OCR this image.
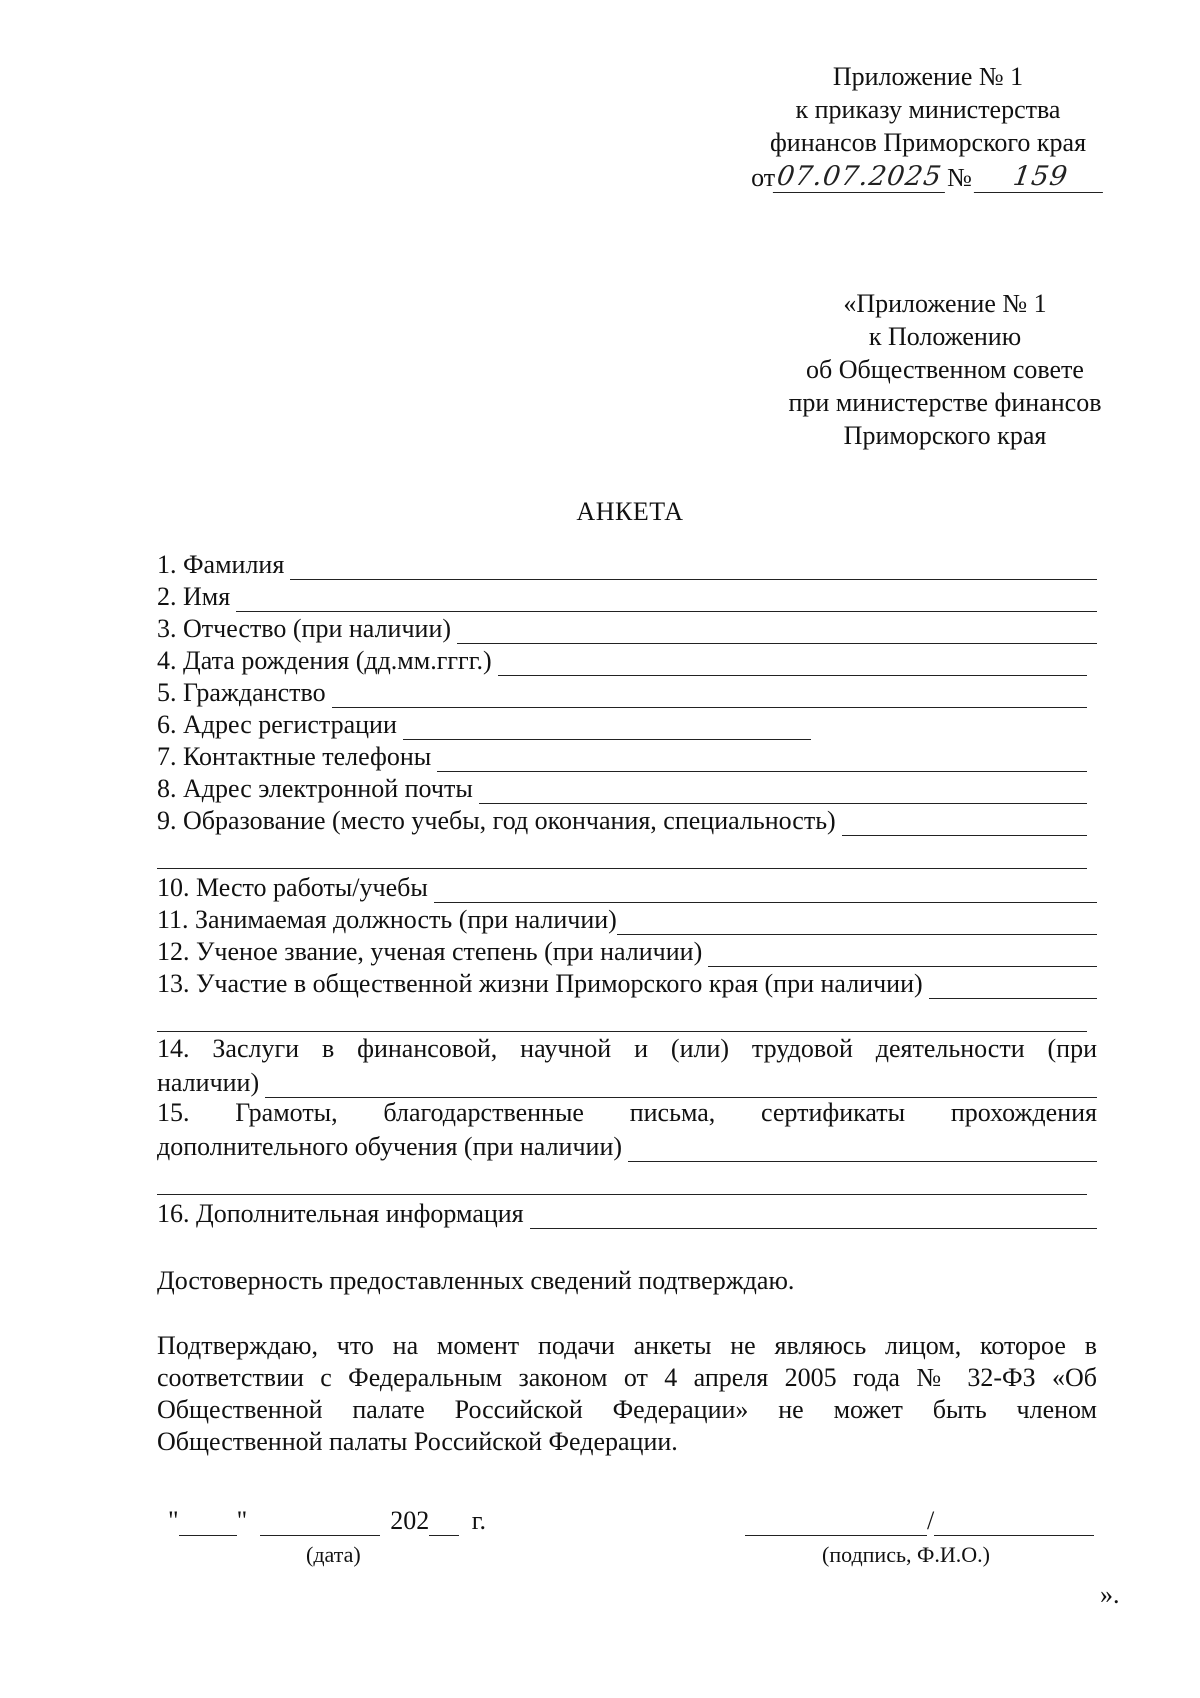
Приложение № 1
к приказу министерства
финансов Приморского края
от 07.07.2025 №	159
«Приложение № 1
к Положению
об Общественном совете
при министерстве финансов
Приморского края
АНКЕТА
1. Фамилия
2. Имя
3. Отчество (при наличии)
4. Дата рождения (дд.мм.гггг.)
5. Гражданство
6. Адрес регистрации
7. Контактные телефоны
8. Адрес электронной почты
9. Образование (место учебы, год окончания, специальность)
10. Место работы/учебы
11. Занимаемая должность (при наличии)
12. Ученое звание, ученая степень (при наличии)
13. Участие в общественной жизни Приморского края (при наличии)
14. Заслуги в финансовой, научной и (или) трудовой деятельности (при
наличии)
15. Грамоты, благодарственные письма, сертификаты прохождения
дополнительного обучения (при наличии)
16. Дополнительная информация
Достоверность предоставленных сведений подтверждаю.
Подтверждаю, что на момент подачи анкеты не являюсь лицом, которое в
соответствии с Федеральным законом от 4 апреля 2005 года № 32-ФЗ «Об
Общественной палате Российской Федерации» не может быть членом
Общественной палаты Российской Федерации.
" "	202 г.	/
(дата)	(подпись, Ф.И.О.)
».
